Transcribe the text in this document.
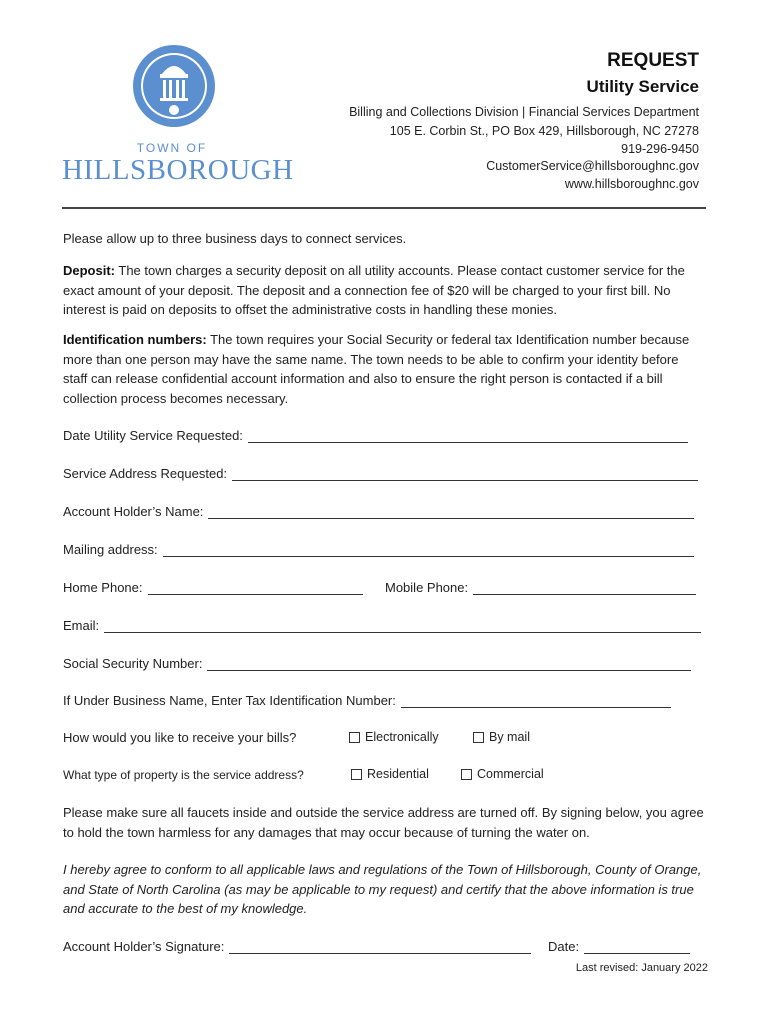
TOWN OF
HILLSBOROUGH
REQUEST
Utility Service
Billing and Collections Division | Financial Services Department
105 E. Corbin St., PO Box 429, Hillsborough, NC 27278
919-296-9450
CustomerService@hillsboroughnc.gov
www.hillsboroughnc.gov
Please allow up to three business days to connect services.
Deposit: The town charges a security deposit on all utility accounts. Please contact customer service for the exact amount of your deposit. The deposit and a connection fee of $20 will be charged to your first bill. No interest is paid on deposits to offset the administrative costs in handling these monies.
Identification numbers: The town requires your Social Security or federal tax Identification number because more than one person may have the same name. The town needs to be able to confirm your identity before staff can release confidential account information and also to ensure the right person is contacted if a bill collection process becomes necessary.
Date Utility Service Requested:
Service Address Requested:
Account Holder’s Name:
Mailing address:
Home Phone:	Mobile Phone:
Email:
Social Security Number:
If Under Business Name, Enter Tax Identification Number:
How would you like to receive your bills?	Electronically	By mail
What type of property is the service address?	Residential	Commercial
Please make sure all faucets inside and outside the service address are turned off. By signing below, you agree to hold the town harmless for any damages that may occur because of turning the water on.
I hereby agree to conform to all applicable laws and regulations of the Town of Hillsborough, County of Orange, and State of North Carolina (as may be applicable to my request) and certify that the above information is true and accurate to the best of my knowledge.
Account Holder’s Signature:	Date:
Last revised: January 2022
